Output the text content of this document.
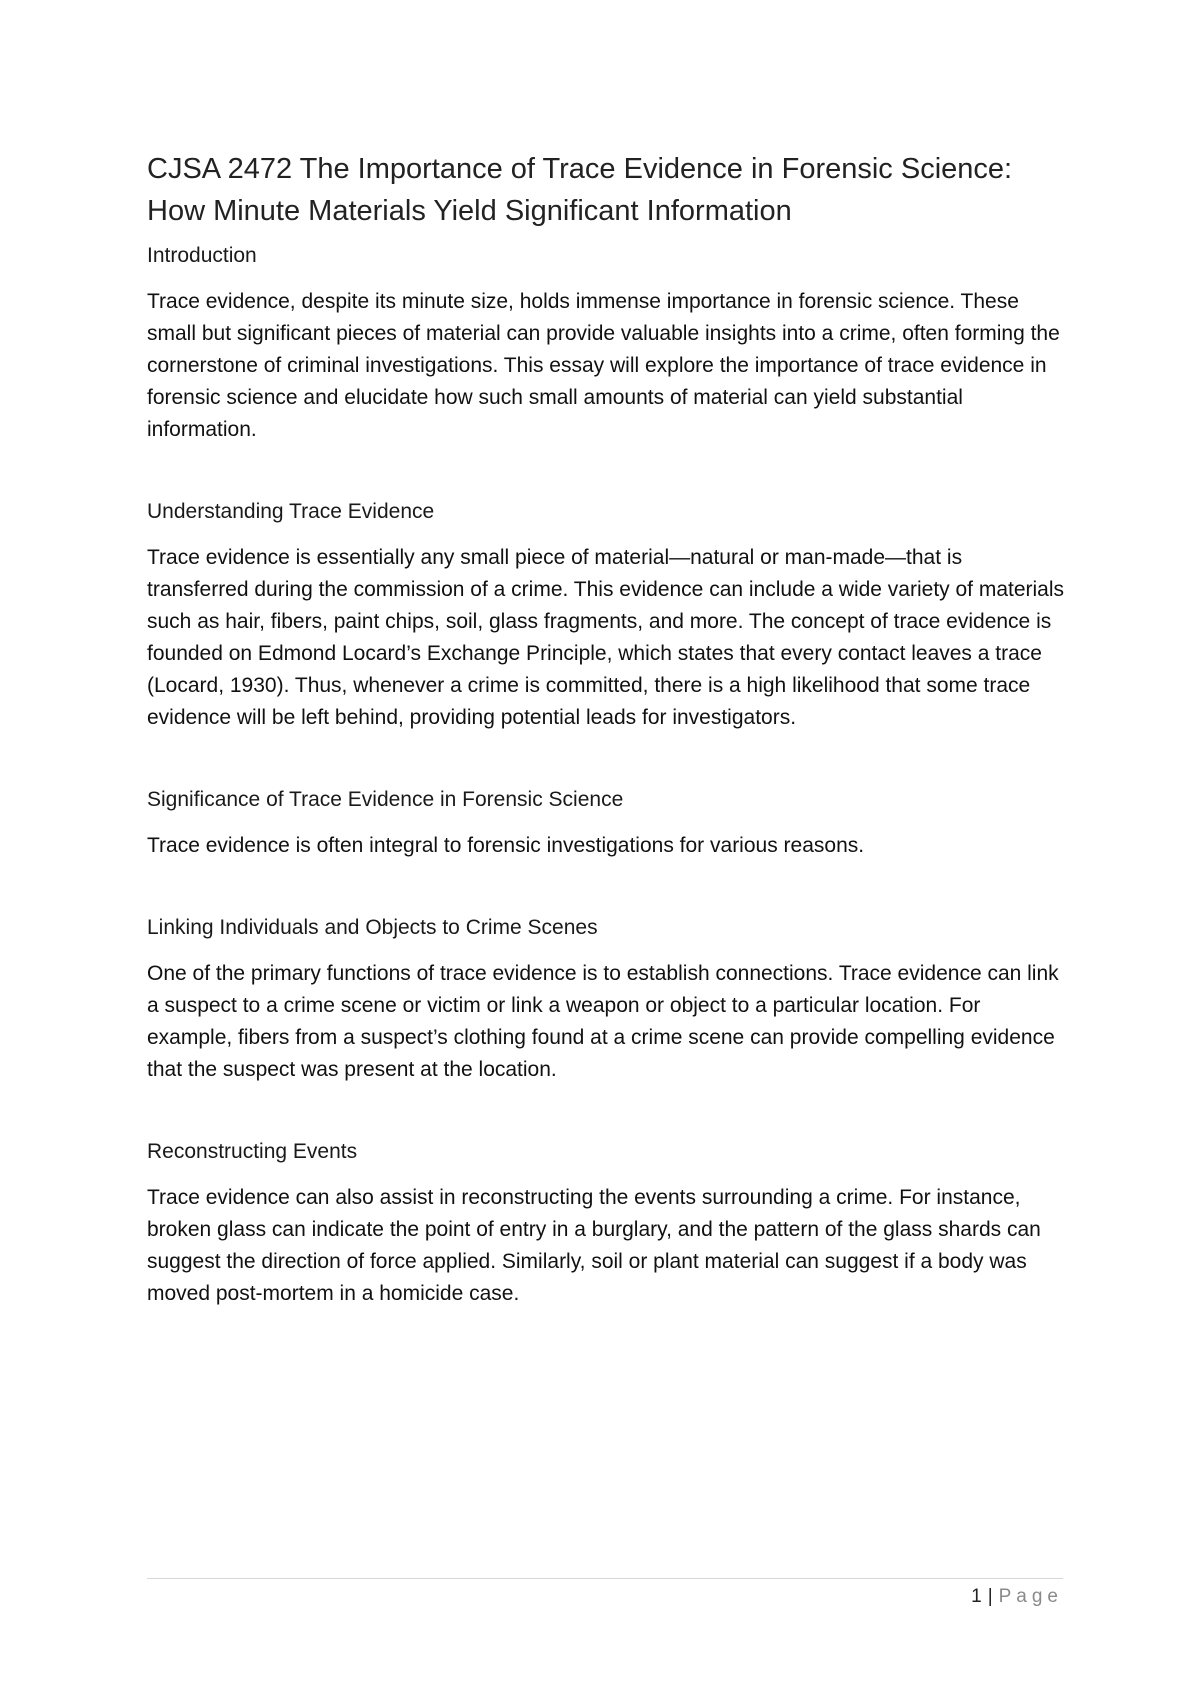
CJSA 2472 The Importance of Trace Evidence in Forensic Science:
How Minute Materials Yield Significant Information
Introduction

Trace evidence, despite its minute size, holds immense importance in forensic science. These small but significant pieces of material can provide valuable insights into a crime, often forming the cornerstone of criminal investigations. This essay will explore the importance of trace evidence in forensic science and elucidate how such small amounts of material can yield substantial information.

Understanding Trace Evidence

Trace evidence is essentially any small piece of material—natural or man-made—that is transferred during the commission of a crime. This evidence can include a wide variety of materials such as hair, fibers, paint chips, soil, glass fragments, and more. The concept of trace evidence is founded on Edmond Locard’s Exchange Principle, which states that every contact leaves a trace (Locard, 1930). Thus, whenever a crime is committed, there is a high likelihood that some trace evidence will be left behind, providing potential leads for investigators.

Significance of Trace Evidence in Forensic Science

Trace evidence is often integral to forensic investigations for various reasons.

Linking Individuals and Objects to Crime Scenes

One of the primary functions of trace evidence is to establish connections. Trace evidence can link a suspect to a crime scene or victim or link a weapon or object to a particular location. For example, fibers from a suspect’s clothing found at a crime scene can provide compelling evidence that the suspect was present at the location.

Reconstructing Events

Trace evidence can also assist in reconstructing the events surrounding a crime. For instance, broken glass can indicate the point of entry in a burglary, and the pattern of the glass shards can suggest the direction of force applied. Similarly, soil or plant material can suggest if a body was moved post-mortem in a homicide case.

1 | Page
